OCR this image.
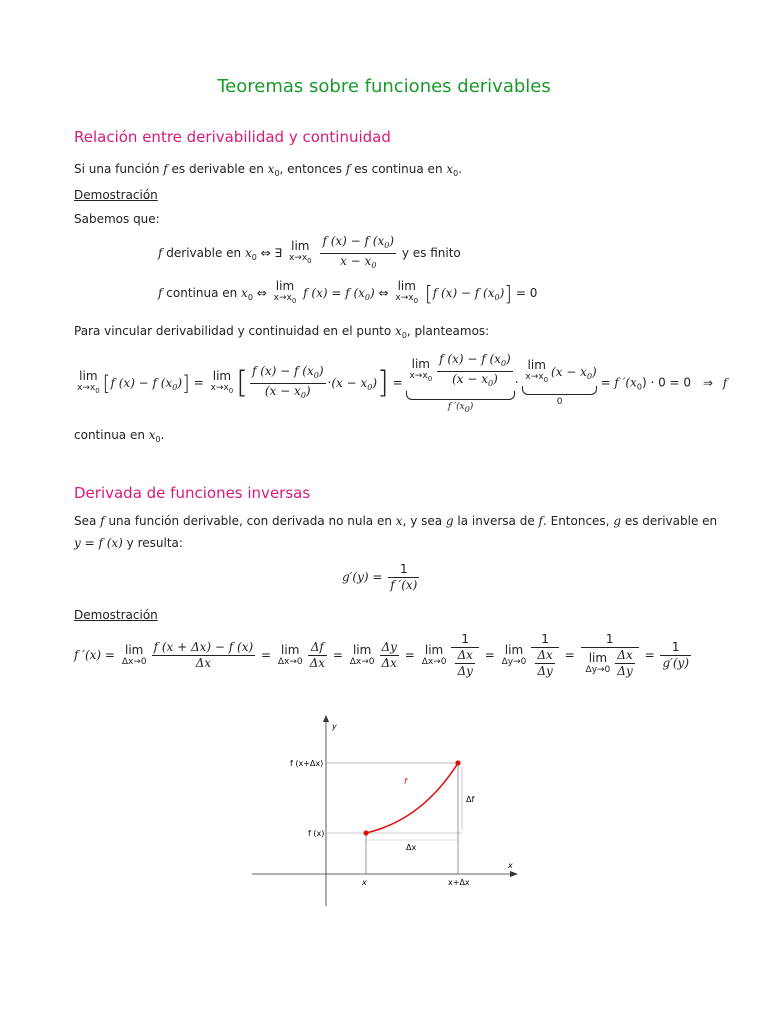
Teoremas sobre funciones derivables
Relación entre derivabilidad y continuidad
Si una función f es derivable en $x_0$, entonces f es continua en $x_0$.
Demostración
Sabemos que:
f derivable en $x_0$ ⇔ ∃ lim
$x\to x_0$
$\frac{f (x) - f (x_0)}{x - x_0}$ y es finito
f continua en $x_0$ ⇔ lim
$x\to x_0$
f (x) = f $(x_0)$ ⇔ lim
$x\to x_0$ [f (x) − f $(x_0)] = 0$
Para vincular derivabilidad y continuidad en el punto $x_0$, planteamos:
lim
$x\to x_0$ [f (x) − f $(x_0)] = \lim$
$x\to x_0$ [ $\frac{f (x) - f (x_0)}{(x - x_0)} \cdot(x - x_0)] = \lim$
$x\to x_0 \frac{f (x) - f (x_0)}{(x - x_0)}$
f $'(x_0)$
· lim
$x\to x_0$
$(x - x_0)$
0
= f $'(x_0) \cdot 0 = 0$ ⇒ f
continua en $x_0$.
Derivada de funciones inversas
Sea f una función derivable, con derivada no nula en x, y sea g la inversa de f. Entonces, g es derivable en
y = f (x) y resulta:
$g'(y) = \frac{1}{f '(x)}$
Demostración
f ′(x) = lim
$\Delta x\to 0 \frac{f (x + \Delta x) - f (x)}{\Delta x} = \lim$
$\Delta x\to 0 \frac{\Delta f}{\Delta x} = \lim$
$\Delta x\to 0 \frac{\Delta y}{\Delta x} = \lim$
$\Delta x\to 0 \frac{1}{\frac{\Delta x}{\Delta y}} = \lim$
$\Delta y\to 0 \frac{1}{\frac{\Delta x}{\Delta y}} = 1$
lim
$\Delta y\to 0 \frac{\Delta x}{\Delta y} = \frac{1}{g'(y)}$
y
x
f
Δf
Δx
f (x+Δx)
f (x)
x	x+Δx
